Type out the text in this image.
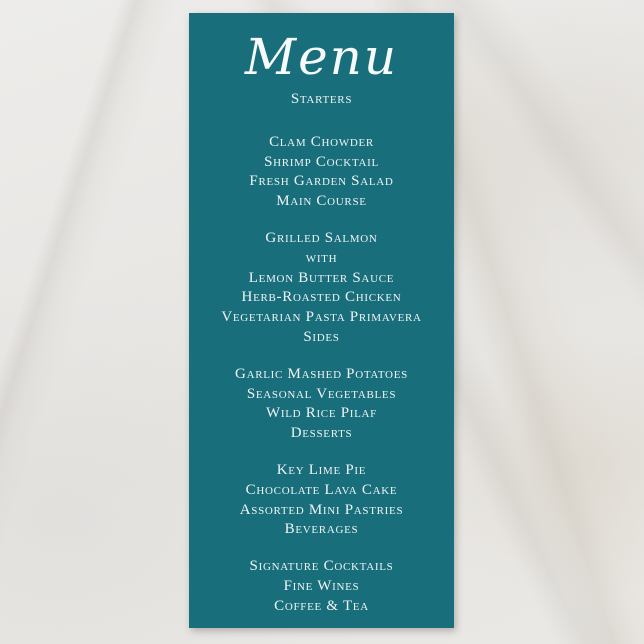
Menu
Starters
Clam Chowder
Shrimp Cocktail
Fresh Garden Salad
Main Course
Grilled Salmon
with
Lemon Butter Sauce
Herb-Roasted Chicken
Vegetarian Pasta Primavera
Sides
Garlic Mashed Potatoes
Seasonal Vegetables
Wild Rice Pilaf
Desserts
Key Lime Pie
Chocolate Lava Cake
Assorted Mini Pastries
Beverages
Signature Cocktails
Fine Wines
Coffee & Tea
